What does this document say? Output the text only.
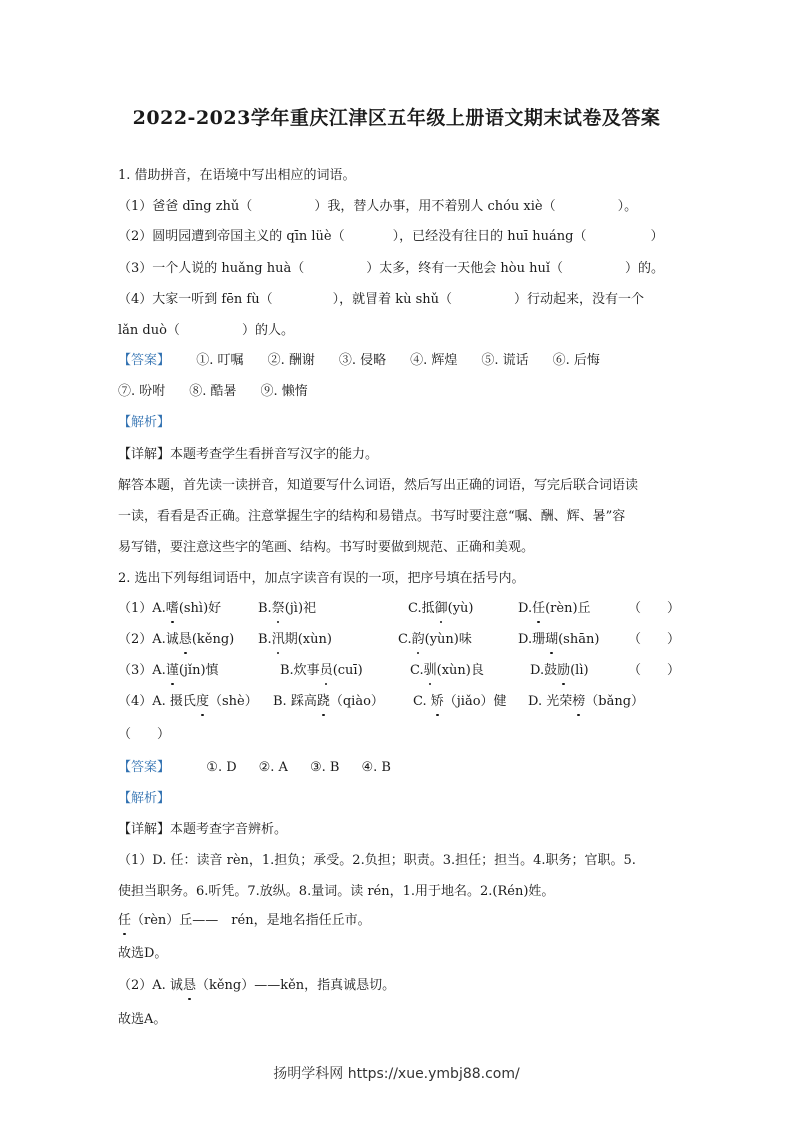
2022-2023学年重庆江津区五年级上册语文期末试卷及答案
1. 借助拼音，在语境中写出相应的词语。
（1）爸爸 dīng zhǔ（	）我，替人办事，用不着别人 chóu xiè（	）。
（2）圆明园遭到帝国主义的 qīn lüè（	），已经没有往日的 huī huáng（	）
（3）一个人说的 huǎng huà（	）太多，终有一天他会 hòu huǐ（	）的。
（4）大家一听到 fēn fù（	），就冒着 kù shǔ（	）行动起来，没有一个
lǎn duò（	）的人。
【答案】 ①. 叮嘱 ②. 酬谢 ③. 侵略 ④. 辉煌 ⑤. 谎话 ⑥. 后悔
⑦. 吩咐 ⑧. 酷暑 ⑨. 懒惰
【解析】
【详解】本题考查学生看拼音写汉字的能力。
解答本题，首先读一读拼音，知道要写什么词语，然后写出正确的词语，写完后联合词语读
一读，看看是否正确。注意掌握生字的结构和易错点。书写时要注意“嘱、酬、辉、暑”容
易写错，要注意这些字的笔画、结构。书写时要做到规范、正确和美观。
2. 选出下列每组词语中，加点字读音有误的一项，把序号填在括号内。
（1）A.嗜(shì)好	B.祭(jì)祀	C.抵御(yù)	D.任(rèn)丘	（　　）
（2）A.诚恳(kěng) B.汛期(xùn)	C.韵(yùn)味	D.珊瑚(shān) （　　）
（3）A.谨(jǐn)慎	B.炊事员(cuī)	C.驯(xùn)良	D.鼓励(lì)	（　　）
（4）A. 摄氏度（shè） B. 踩高跷（qiào） C. 矫（jiǎo）健 D. 光荣榜（bǎng）
（　　）
【答案】	①. D ②. A ③. B ④. B
【解析】
【详解】本题考查字音辨析。
（1）D. 任：读音 rèn，1.担负；承受。2.负担；职责。3.担任；担当。4.职务；官职。5.
使担当职务。6.听凭。7.放纵。8.量词。读 rén，1.用于地名。2.(Rén)姓。
任（rèn）丘——　rén，是地名指任丘市。
故选D。
（2）A. 诚恳（kěng）——kěn，指真诚恳切。
故选A。
扬明学科网 https://xue.ymbj88.com/
